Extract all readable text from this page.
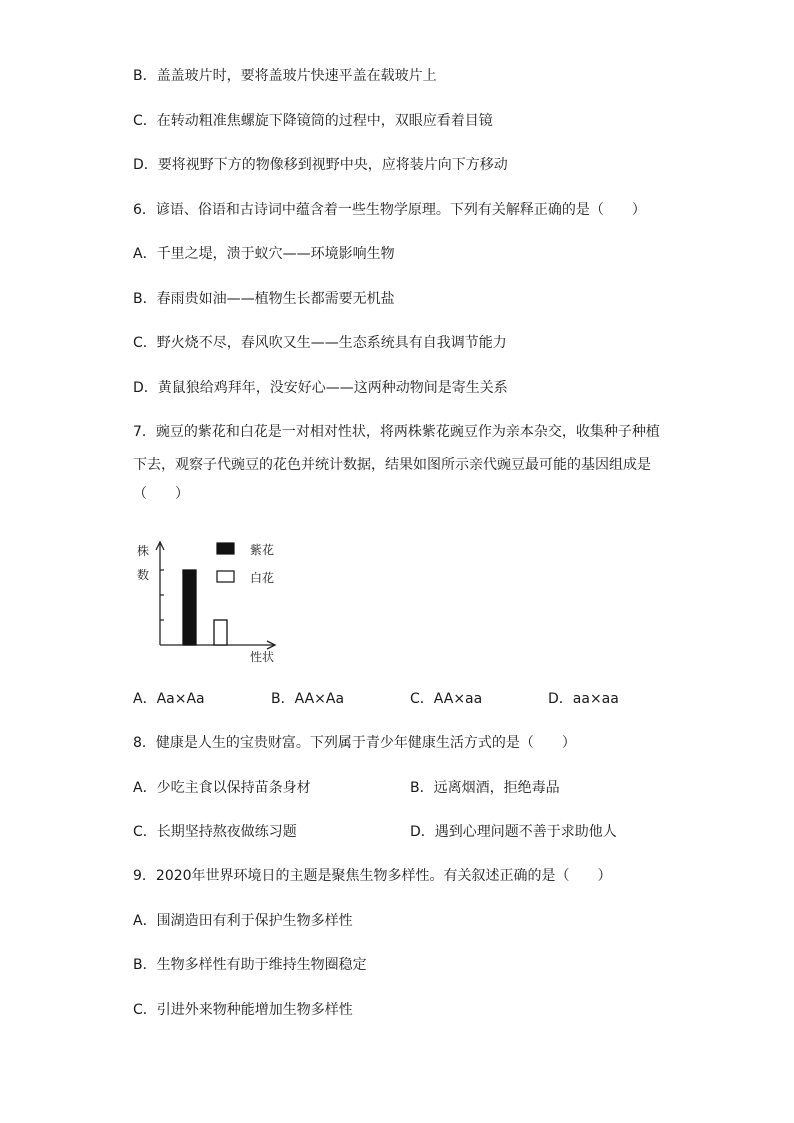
B．盖盖玻片时，要将盖玻片快速平盖在载玻片上
C．在转动粗准焦螺旋下降镜筒的过程中，双眼应看着目镜
D．要将视野下方的物像移到视野中央，应将装片向下方移动
6．谚语、俗语和古诗词中蕴含着一些生物学原理。下列有关解释正确的是（　　）
A．千里之堤，溃于蚁穴——环境影响生物
B．春雨贵如油——植物生长都需要无机盐
C．野火烧不尽，春风吹又生——生态系统具有自我调节能力
D．黄鼠狼给鸡拜年，没安好心——这两种动物间是寄生关系
7．豌豆的紫花和白花是一对相对性状，将两株紫花豌豆作为亲本杂交，收集种子种植
下去，观察子代豌豆的花色并统计数据，结果如图所示亲代豌豆最可能的基因组成是
（　　）
株
数
性状
紫花
白花
A．Aa×Aa	B．AA×Aa	C．AA×aa	D．aa×aa
8．健康是人生的宝贵财富。下列属于青少年健康生活方式的是（　　）
A．少吃主食以保持苗条身材	B．远离烟酒，拒绝毒品
C．长期坚持熬夜做练习题	D．遇到心理问题不善于求助他人
9．2020年世界环境日的主题是聚焦生物多样性。有关叙述正确的是（　　）
A．围湖造田有利于保护生物多样性
B．生物多样性有助于维持生物圈稳定
C．引进外来物种能增加生物多样性
